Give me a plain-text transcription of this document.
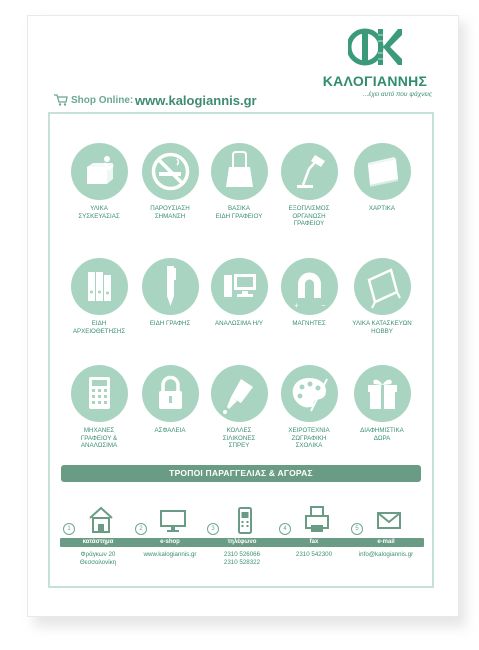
ΚΑΛΟΓΙΑΝΝΗΣ
...έχει αυτό που ψάχνεις
Shop Online: www.kalogiannis.gr
ΥΛΙΚΑ
ΣΥΣΚΕΥΑΣΙΑΣ
ΠΑΡΟΥΣΙΑΣΗ
ΣΗΜΑΝΣΗ
ΒΑΣΙΚΑ
ΕΙΔΗ ΓΡΑΦΕΙΟΥ
ΕΞΟΠΛΙΣΜΟΣ
ΟΡΓΑΝΩΣΗ
ΓΡΑΦΕΙΟΥ
ΧΑΡΤΙΚΑ
ΕΙΔΗ
ΑΡΧΕΙΟΘΕΤΗΣΗΣ
ΕΙΔΗ ΓΡΑΦΗΣ	ΑΝΑΛΩΣΙΜΑ Η/Υ
+	−
ΜΑΓΝΗΤΕΣ	ΥΛΙΚΑ ΚΑΤΑΣΚΕΥΩΝ
HOBBY
ΜΗΧΑΝΕΣ
ΓΡΑΦΕΙΟΥ &
ΑΝΑΛΩΣΙΜΑ
ΑΣΦΑΛΕΙΑ	ΚΟΛΛΕΣ
ΣΙΛΙΚΟΝΕΣ
ΣΠΡΕΥ
ΧΕΙΡΟΤΕΧΝΙΑ
ΖΩΓΡΑΦΙΚΗ
ΣΧΟΛΙΚΑ
ΔΙΑΦΗΜΙΣΤΙΚΑ
ΔΩΡΑ
ΤΡΟΠΟΙ ΠΑΡΑΓΓΕΛΙΑΣ & ΑΓΟΡΑΣ
1
κατάστημα
Φράγκων 20
Θεσσαλονίκη
2
e-shop
www.kalogiannis.gr
3
τηλέφωνο
2310 526066
2310 528322
4
fax
2310 542300
5
e-mail
info@kalogiannis.gr
